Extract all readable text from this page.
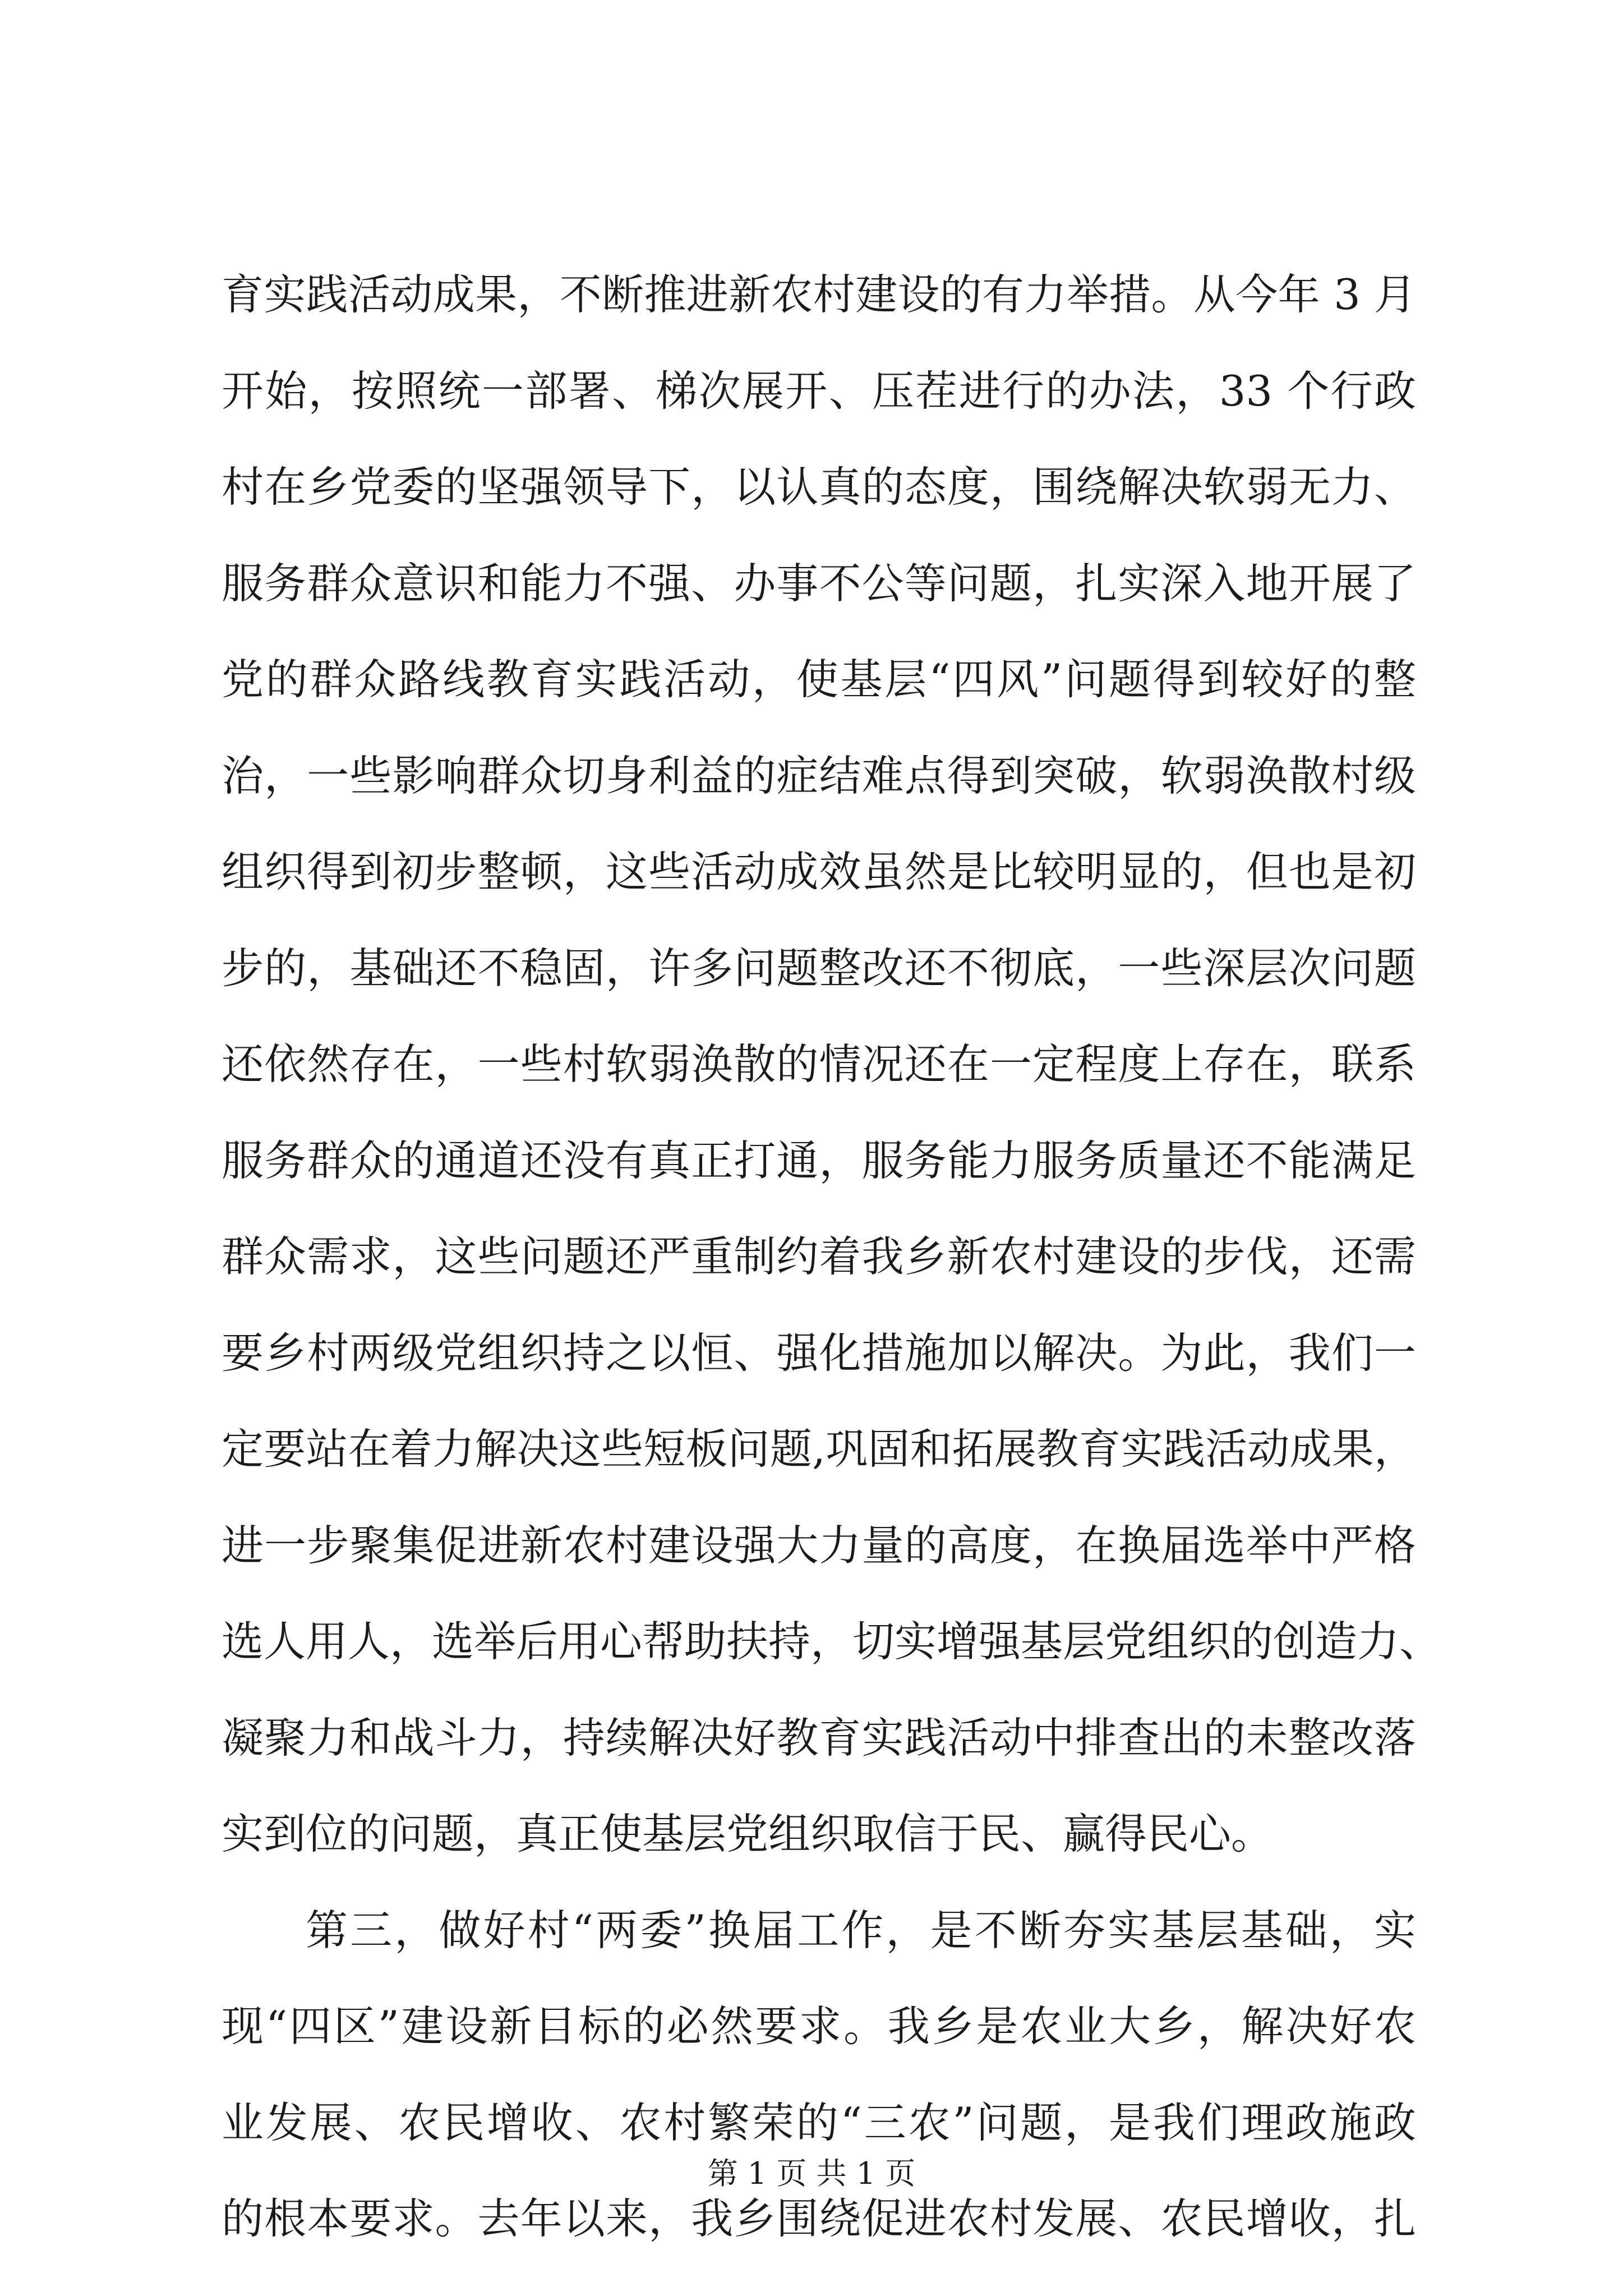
育实践活动成果，不断推进新农村建设的有力举措。从今年 3 月
开始，按照统一部署、梯次展开、压茬进行的办法，33 个行政
村在乡党委的坚强领导下，以认真的态度，围绕解决软弱无力、
服务群众意识和能力不强、办事不公等问题，扎实深入地开展了
党的群众路线教育实践活动，使基层“四风”问题得到较好的整
治，一些影响群众切身利益的症结难点得到突破，软弱涣散村级
组织得到初步整顿，这些活动成效虽然是比较明显的，但也是初
步的，基础还不稳固，许多问题整改还不彻底，一些深层次问题
还依然存在，一些村软弱涣散的情况还在一定程度上存在，联系
服务群众的通道还没有真正打通，服务能力服务质量还不能满足
群众需求，这些问题还严重制约着我乡新农村建设的步伐，还需
要乡村两级党组织持之以恒、强化措施加以解决。为此，我们一
定要站在着力解决这些短板问题,巩固和拓展教育实践活动成果，
进一步聚集促进新农村建设强大力量的高度，在换届选举中严格
选人用人，选举后用心帮助扶持，切实增强基层党组织的创造力、
凝聚力和战斗力，持续解决好教育实践活动中排查出的未整改落
实到位的问题，真正使基层党组织取信于民、赢得民心。
第三，做好村“两委”换届工作，是不断夯实基层基础，实
现“四区”建设新目标的必然要求。我乡是农业大乡，解决好农
业发展、农民增收、农村繁荣的“三农”问题，是我们理政施政
的根本要求。去年以来，我乡围绕促进农村发展、农民增收，扎
第 1 页 共 1 页
